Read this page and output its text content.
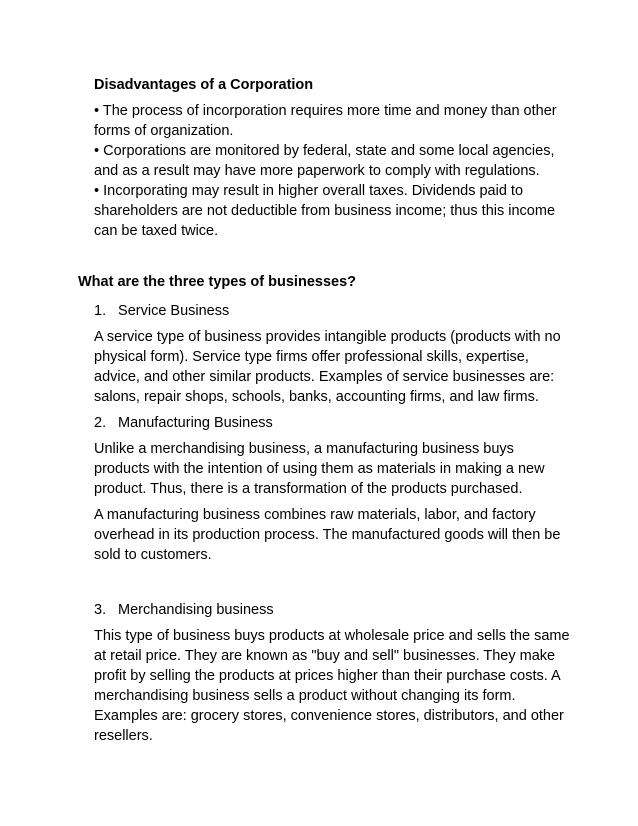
Disadvantages of a Corporation
• The process of incorporation requires more time and money than other forms of organization.
• Corporations are monitored by federal, state and some local agencies, and as a result may have more paperwork to comply with regulations.
• Incorporating may result in higher overall taxes. Dividends paid to shareholders are not deductible from business income; thus this income can be taxed twice.
What are the three types of businesses?
1. Service Business

A service type of business provides intangible products (products with no physical form). Service type firms offer professional skills, expertise, advice, and other similar products. Examples of service businesses are: salons, repair shops, schools, banks, accounting firms, and law firms.

2. Manufacturing Business

Unlike a merchandising business, a manufacturing business buys products with the intention of using them as materials in making a new product. Thus, there is a transformation of the products purchased.

A manufacturing business combines raw materials, labor, and factory overhead in its production process. The manufactured goods will then be sold to customers.

3. Merchandising business

This type of business buys products at wholesale price and sells the same at retail price. They are known as "buy and sell" businesses. They make profit by selling the products at prices higher than their purchase costs. A merchandising business sells a product without changing its form. Examples are: grocery stores, convenience stores, distributors, and other resellers.
